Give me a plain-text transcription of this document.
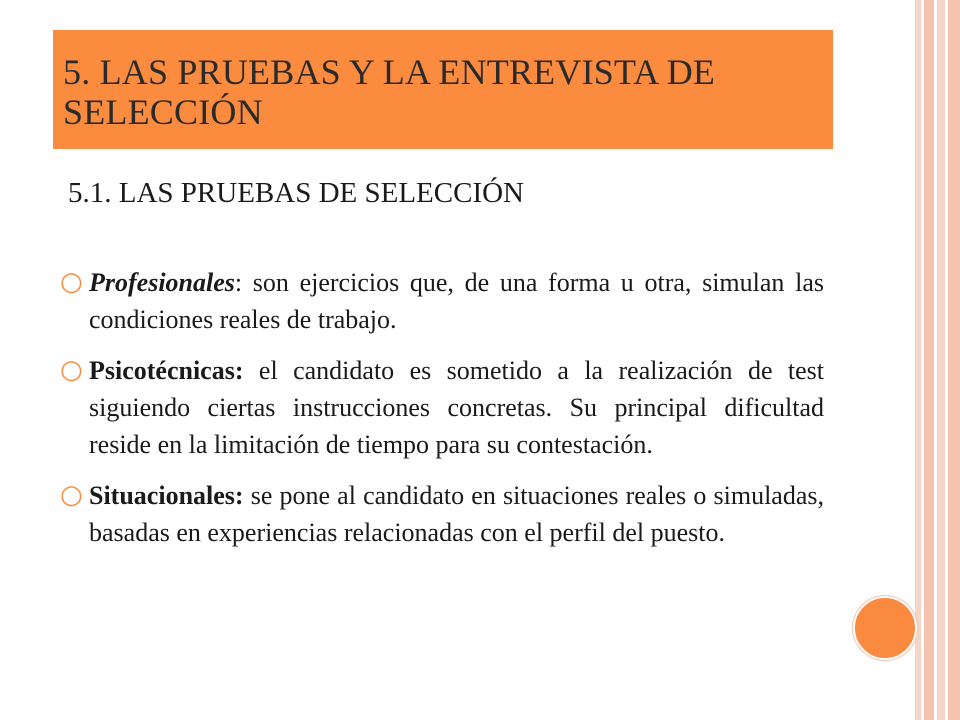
5. LAS PRUEBAS Y LA ENTREVISTA DE SELECCIÓN
5.1. LAS PRUEBAS DE SELECCIÓN
○ Profesionales: son ejercicios que, de una forma u otra, simulan las condiciones reales de trabajo.

○ Psicotécnicas: el candidato es sometido a la realización de test siguiendo ciertas instrucciones concretas. Su principal dificultad reside en la limitación de tiempo para su contestación.

○ Situacionales: se pone al candidato en situaciones reales o simuladas, basadas en experiencias relacionadas con el perfil del puesto.
